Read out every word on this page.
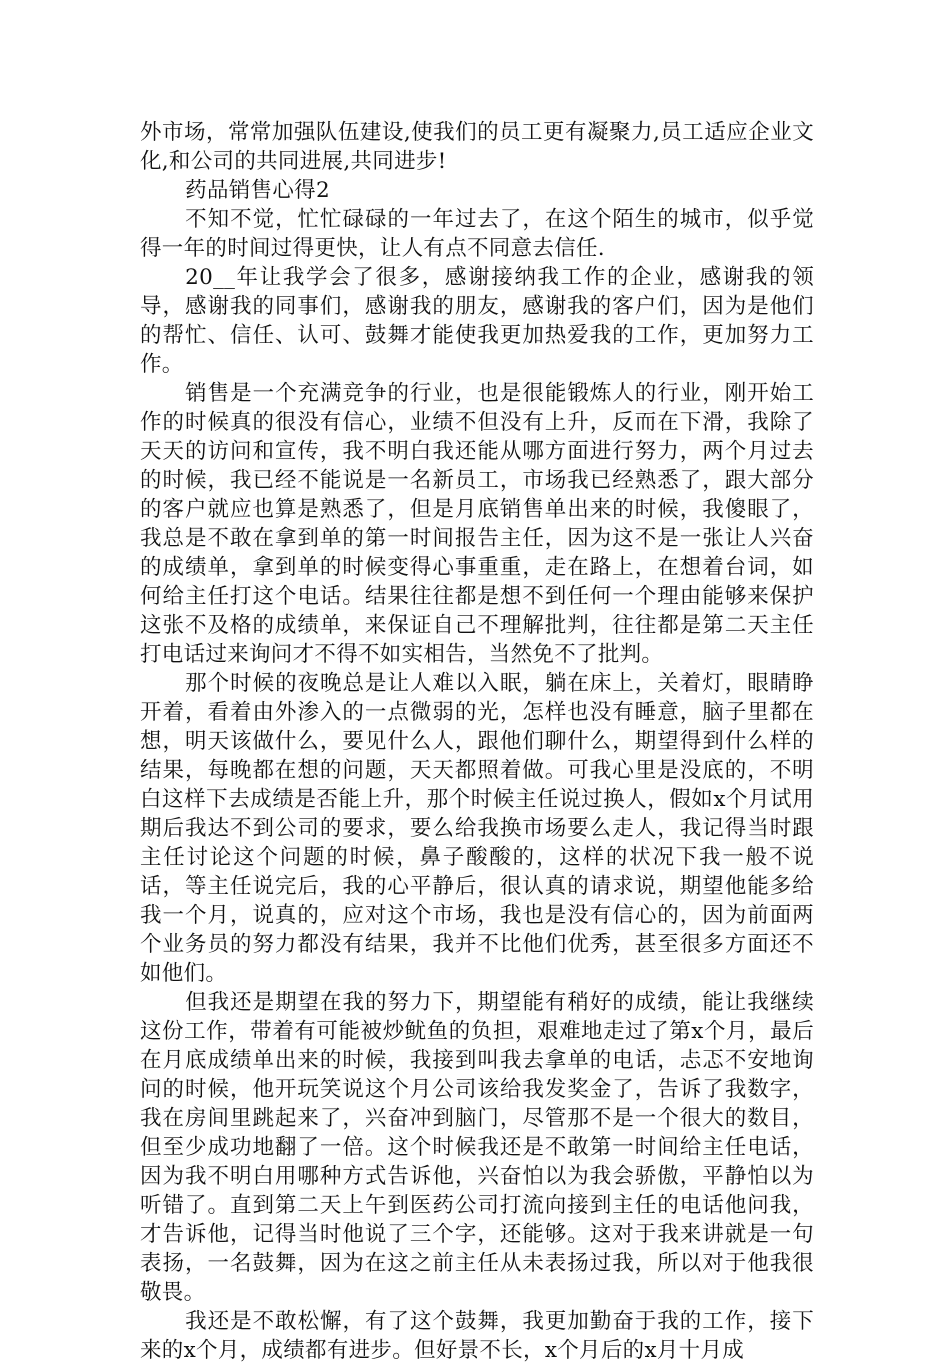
外市场，常常加强队伍建设,使我们的员工更有凝聚力,员工适应企业文化,和公司的共同进展,共同进步!

药品销售心得2

不知不觉，忙忙碌碌的一年过去了，在这个陌生的城市，似乎觉得一年的时间过得更快，让人有点不同意去信任.

20__年让我学会了很多，感谢接纳我工作的企业，感谢我的领导，感谢我的同事们，感谢我的朋友，感谢我的客户们，因为是他们的帮忙、信任、认可、鼓舞才能使我更加热爱我的工作，更加努力工作。

销售是一个充满竞争的行业，也是很能锻炼人的行业，刚开始工作的时候真的很没有信心，业绩不但没有上升，反而在下滑，我除了天天的访问和宣传，我不明白我还能从哪方面进行努力，两个月过去的时候，我已经不能说是一名新员工，市场我已经熟悉了，跟大部分的客户就应也算是熟悉了，但是月底销售单出来的时候，我傻眼了，我总是不敢在拿到单的第一时间报告主任，因为这不是一张让人兴奋的成绩单，拿到单的时候变得心事重重，走在路上，在想着台词，如何给主任打这个电话。结果往往都是想不到任何一个理由能够来保护这张不及格的成绩单，来保证自己不理解批判，往往都是第二天主任打电话过来询问才不得不如实相告，当然免不了批判。

那个时候的夜晚总是让人难以入眠，躺在床上，关着灯，眼睛睁开着，看着由外渗入的一点微弱的光，怎样也没有睡意，脑子里都在想，明天该做什么，要见什么人，跟他们聊什么，期望得到什么样的结果，每晚都在想的问题，天天都照着做。可我心里是没底的，不明白这样下去成绩是否能上升，那个时候主任说过换人，假如x个月试用期后我达不到公司的要求，要么给我换市场要么走人，我记得当时跟主任讨论这个问题的时候，鼻子酸酸的，这样的状况下我一般不说话，等主任说完后，我的心平静后，很认真的请求说，期望他能多给我一个月，说真的，应对这个市场，我也是没有信心的，因为前面两个业务员的努力都没有结果，我并不比他们优秀，甚至很多方面还不如他们。

但我还是期望在我的努力下，期望能有稍好的成绩，能让我继续这份工作，带着有可能被炒鱿鱼的负担，艰难地走过了第x个月，最后在月底成绩单出来的时候，我接到叫我去拿单的电话，忐忑不安地询问的时候，他开玩笑说这个月公司该给我发奖金了，告诉了我数字，我在房间里跳起来了，兴奋冲到脑门，尽管那不是一个很大的数目，但至少成功地翻了一倍。这个时候我还是不敢第一时间给主任电话，因为我不明白用哪种方式告诉他，兴奋怕以为我会骄傲，平静怕以为听错了。直到第二天上午到医药公司打流向接到主任的电话他问我，才告诉他，记得当时他说了三个字，还能够。这对于我来讲就是一句表扬，一名鼓舞，因为在这之前主任从未表扬过我，所以对于他我很敬畏。

我还是不敢松懈，有了这个鼓舞，我更加勤奋于我的工作，接下来的x个月，成绩都有进步。但好景不长，x个月后的x月十月成
